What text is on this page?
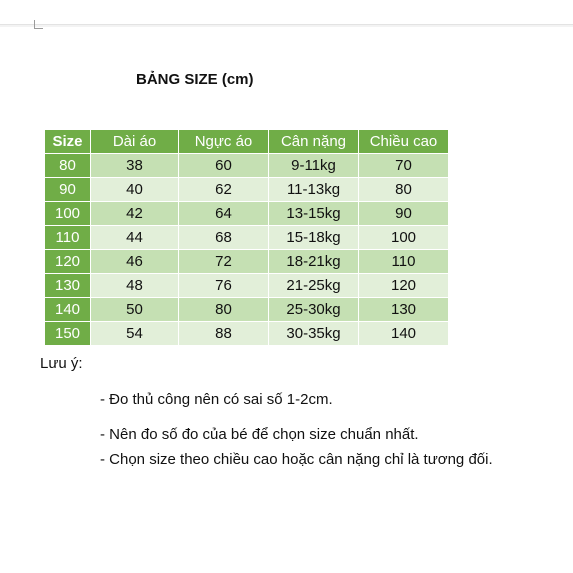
BẢNG SIZE (cm)
Size	Dài áo	Ngực áo	Cân nặng	Chiều cao
80	38	60	9-11kg	70
90	40	62	11-13kg	80
100	42	64	13-15kg	90
110	44	68	15-18kg	100
120	46	72	18-21kg	110
130	48	76	21-25kg	120
140	50	80	25-30kg	130
150	54	88	30-35kg	140
Lưu ý:
- Đo thủ công nên có sai số 1-2cm.
- Nên đo số đo của bé để chọn size chuẩn nhất.
- Chọn size theo chiều cao hoặc cân nặng chỉ là tương đối.
